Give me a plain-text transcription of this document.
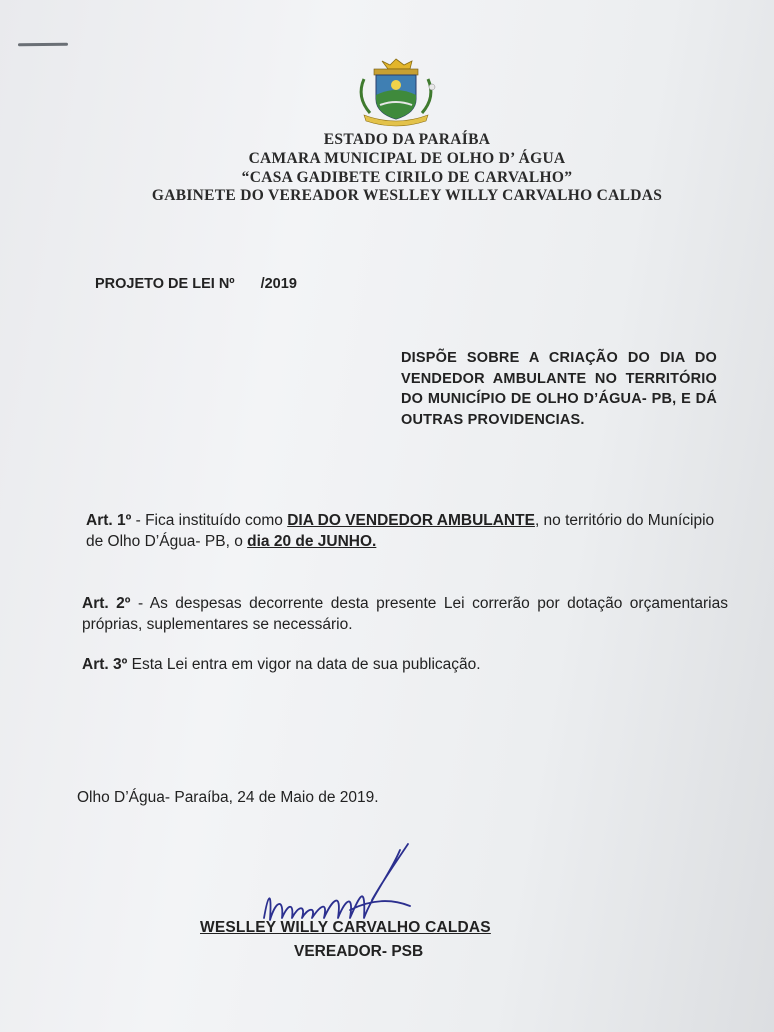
ESTADO DA PARAÍBA
CAMARA MUNICIPAL DE OLHO D’ ÁGUA
“CASA GADIBETE CIRILO DE CARVALHO”
GABINETE DO VEREADOR WESLLEY WILLY CARVALHO CALDAS
PROJETO DE LEI Nº /2019
DISPÕE SOBRE A CRIAÇÃO DO DIA DO VENDEDOR AMBULANTE NO TERRITÓRIO DO MUNICÍPIO DE OLHO D’ÁGUA- PB, E DÁ OUTRAS PROVIDENCIAS.
Art. 1º - Fica instituído como DIA DO VENDEDOR AMBULANTE, no território do Munícipio de Olho D’Água- PB, o dia 20 de JUNHO.
Art. 2º - As despesas decorrente desta presente Lei correrão por dotação orçamentarias próprias, suplementares se necessário.
Art. 3º Esta Lei entra em vigor na data de sua publicação.
Olho D’Água- Paraíba, 24 de Maio de 2019.
WESLLEY WILLY CARVALHO CALDAS
VEREADOR- PSB
